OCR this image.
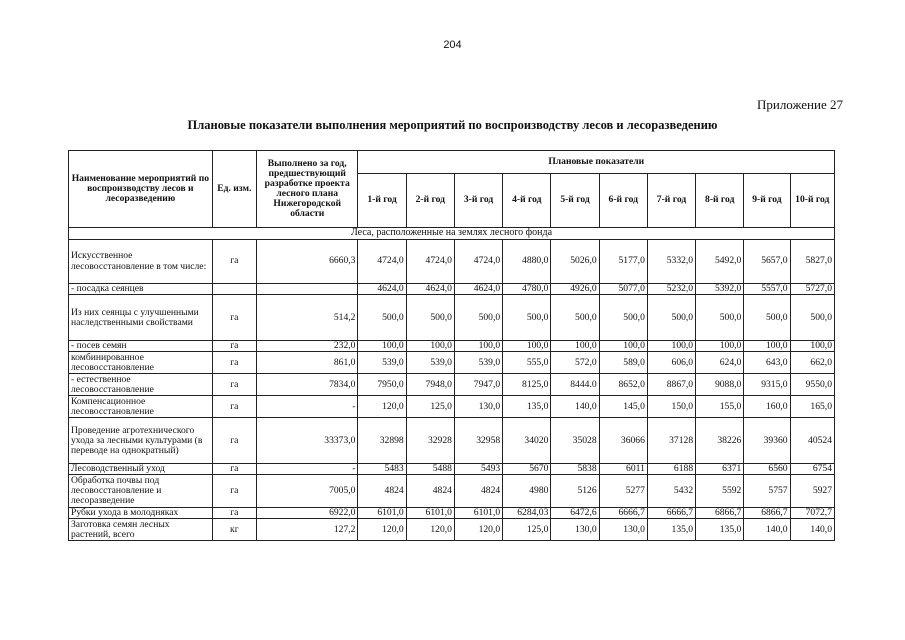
204
Приложение 27
Плановые показатели выполнения мероприятий по воспроизводству лесов и лесоразведению
Наименование мероприятий по воспроизводству лесов и лесоразведению	Ед. изм.	Выполнено за год, предшествующий разработке проекта лесного плана Нижегородской области	Плановые показатели									
			1-й год	2-й год	3-й год	4-й год	5-й год	6-й год	7-й год	8-й год	9-й год	10-й год
Леса, расположенные на землях лесного фонда												
Искусственное лесовосстановление в том числе:	га	6660,3	4724,0	4724,0	4724,0	4880,0	5026,0	5177,0	5332,0	5492,0	5657,0	5827,0
- посадка сеянцев			4624,0	4624,0	4624,0	4780,0	4926,0	5077,0	5232,0	5392,0	5557,0	5727,0
Из них сеянцы с улучшенными наследственными свойствами	га	514,2	500,0	500,0	500,0	500,0	500,0	500,0	500,0	500,0	500,0	500,0
- посев семян	га	232,0	100,0	100,0	100,0	100,0	100,0	100,0	100,0	100,0	100,0	100,0
комбинированное лесовосстановление	га	861,0	539,0	539,0	539,0	555,0	572,0	589,0	606,0	624,0	643,0	662,0
- естественное лесовосстановление	га	7834,0	7950,0	7948,0	7947,0	8125,0	8444.0	8652,0	8867,0	9088,0	9315,0	9550,0
Компенсационное лесовосстановление	га	-	120,0	125,0	130,0	135,0	140,0	145,0	150,0	155,0	160,0	165,0
Проведение агротехнического ухода за лесными культурами (в переводе на однократный)	га	33373,0	32898	32928	32958	34020	35028	36066	37128	38226	39360	40524
Лесоводственный уход	га	-	5483	5488	5493	5670	5838	6011	6188	6371	6560	6754
Обработка почвы под лесовосстановление и лесоразведение	га	7005,0	4824	4824	4824	4980	5126	5277	5432	5592	5757	5927
Рубки ухода в молодняках	га	6922,0	6101,0	6101,0	6101,0	6284,03	6472,6	6666,7	6666,7	6866,7	6866,7	7072,7
Заготовка семян лесных растений, всего	кг	127,2	120,0	120,0	120,0	125,0	130,0	130,0	135,0	135,0	140,0	140,0
